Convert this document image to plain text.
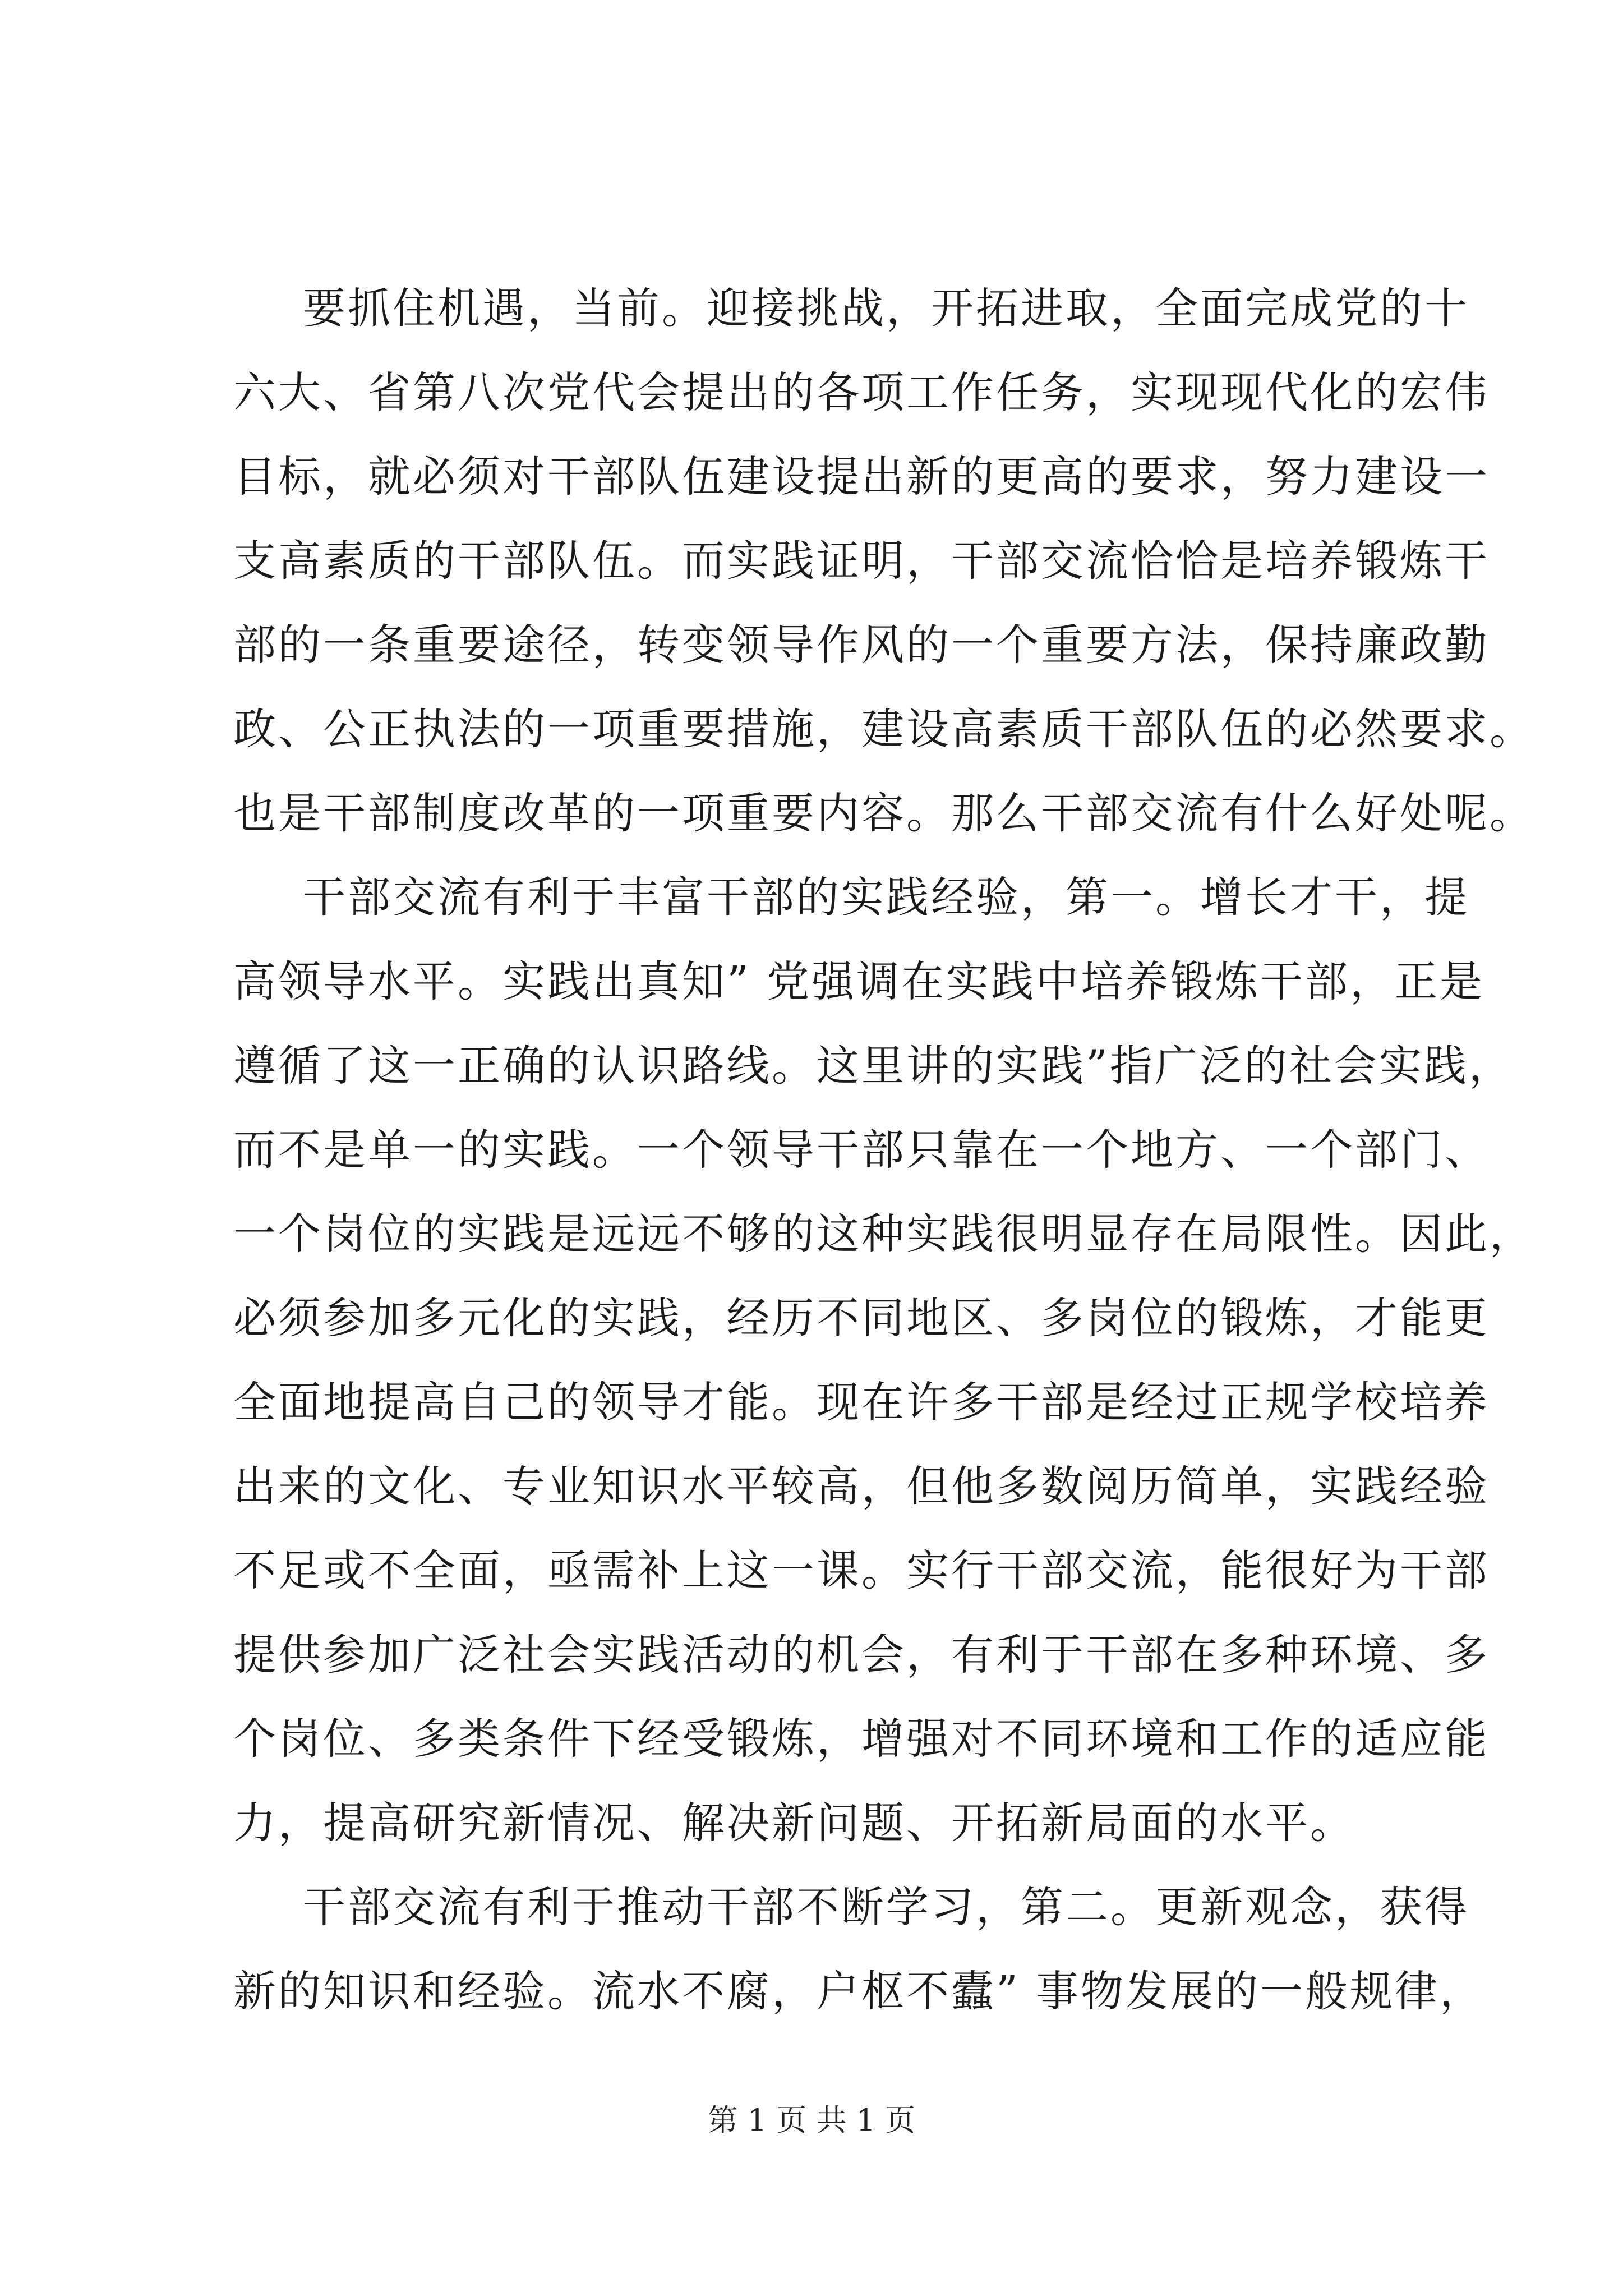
要抓住机遇，当前。迎接挑战，开拓进取，全面完成党的十
六大、省第八次党代会提出的各项工作任务，实现现代化的宏伟
目标，就必须对干部队伍建设提出新的更高的要求，努力建设一
支高素质的干部队伍。而实践证明，干部交流恰恰是培养锻炼干
部的一条重要途径，转变领导作风的一个重要方法，保持廉政勤
政、公正执法的一项重要措施，建设高素质干部队伍的必然要求。
也是干部制度改革的一项重要内容。那么干部交流有什么好处呢。
干部交流有利于丰富干部的实践经验，第一。增长才干，提
高领导水平。实践出真知” 党强调在实践中培养锻炼干部，正是
遵循了这一正确的认识路线。这里讲的实践”指广泛的社会实践，
而不是单一的实践。一个领导干部只靠在一个地方、一个部门、
一个岗位的实践是远远不够的这种实践很明显存在局限性。因此，
必须参加多元化的实践，经历不同地区、多岗位的锻炼，才能更
全面地提高自己的领导才能。现在许多干部是经过正规学校培养
出来的文化、专业知识水平较高，但他多数阅历简单，实践经验
不足或不全面，亟需补上这一课。实行干部交流，能很好为干部
提供参加广泛社会实践活动的机会，有利于干部在多种环境、多
个岗位、多类条件下经受锻炼，增强对不同环境和工作的适应能
力，提高研究新情况、解决新问题、开拓新局面的水平。
干部交流有利于推动干部不断学习，第二。更新观念，获得
新的知识和经验。流水不腐，户枢不蠹” 事物发展的一般规律，
第 1 页 共 1 页
